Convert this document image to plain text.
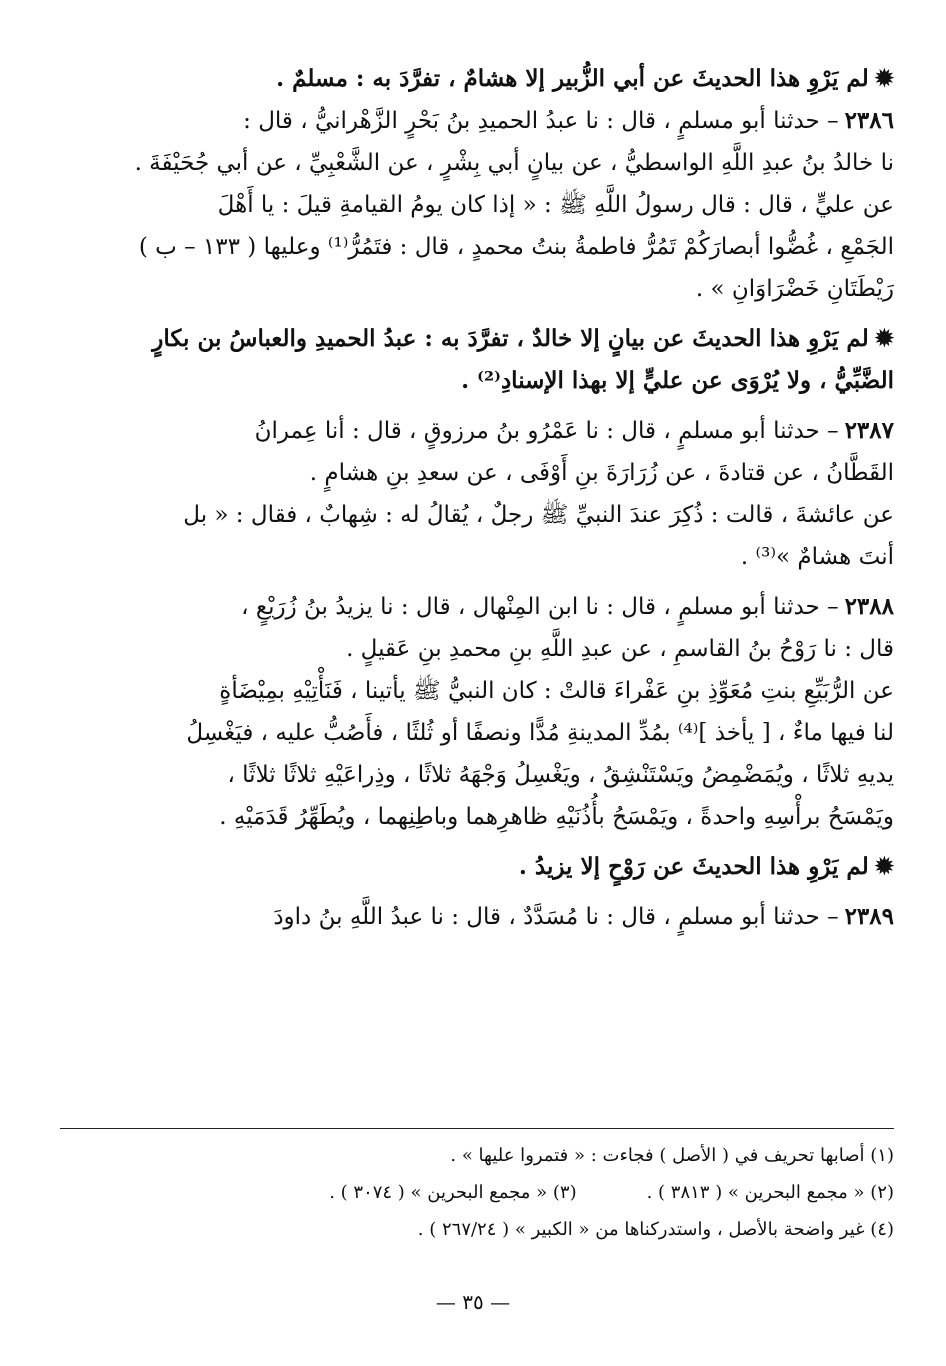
✹لم يَرْوِ هذا الحديثَ عن أبي الزُّبير إلا هشامٌ ، تفرَّدَ به : مسلمٌ .

٢٣٨٦– حدثنا أبو مسلمٍ ، قال : نا عبدُ الحميدِ بنُ بَحْرٍ الزَّهْرانيُّ ، قال :

نا خالدُ بنُ عبدِ اللَّهِ الواسطيُّ ، عن بيانٍ أبي بِشْرٍ ، عن الشَّعْبِيِّ ، عن أبي جُحَيْفَةَ .

عن عليٍّ ، قال : قال رسولُ اللَّهِ ﷺ : « إذا كان يومُ القيامةِ قيلَ : يا أَهْلَ

الجَمْعِ ، غُضُّوا أبصارَكُمْ تَمُرُّ فاطمةُ بنتُ محمدٍ ، قال : فتَمُرُّ⁽¹⁾ وعليها ( ١٣٣ – ب )

رَيْطَتَانِ خَضْرَاوَانِ » .

✹لم يَرْوِ هذا الحديثَ عن بيانٍ إلا خالدٌ ، تفرَّدَ به : عبدُ الحميدِ والعباسُ بن بكارٍ

الضَّبِّيُّ ، ولا يُرْوَى عن عليٍّ إلا بهذا الإسنادِ⁽²⁾ .

٢٣٨٧– حدثنا أبو مسلمٍ ، قال : نا عَمْرُو بنُ مرزوقٍ ، قال : أنا عِمرانُ

القَطَّانُ ، عن قتادةَ ، عن زُرَارَةَ بنِ أَوْفَى ، عن سعدِ بنِ هشامٍ .

عن عائشةَ ، قالت : ذُكِرَ عندَ النبيِّ ﷺ رجلٌ ، يُقالُ له : شِهابٌ ، فقال : « بل

أنتَ هشامٌ »⁽³⁾ .

٢٣٨٨– حدثنا أبو مسلمٍ ، قال : نا ابن المِنْهال ، قال : نا يزيدُ بنُ زُرَيْعٍ ،

قال : نا رَوْحُ بنُ القاسمِ ، عن عبدِ اللَّهِ بنِ محمدِ بنِ عَقيلٍ .

عن الرُّبَيِّعِ بنتِ مُعَوِّذِ بنِ عَفْراءَ قالتْ : كان النبيُّ ﷺ يأتينا ، فَنَأْتِيْهِ بمِيْضَأةٍ

لنا فيها ماءٌ ، [ يأخذ ]⁽⁴⁾ بمُدِّ المدينةِ مُدًّا ونصفًا أو ثُلثًا ، فأَصُبُّ عليه ، فيَغْسِلُ

يديهِ ثلاثًا ، ويُمَضْمِضُ ويَسْتَنْشِقُ ، ويَغْسِلُ وَجْهَهُ ثلاثًا ، وذِراعَيْهِ ثلاثًا ثلاثًا ،

ويَمْسَحُ برأْسِهِ واحدةً ، ويَمْسَحُ بأُذُنَيْهِ ظاهرِهما وباطِنِهما ، ويُطَهِّرُ قَدَمَيْهِ .

✹لم يَرْوِ هذا الحديثَ عن رَوْحٍ إلا يزيدُ .

٢٣٨٩– حدثنا أبو مسلمٍ ، قال : نا مُسَدَّدٌ ، قال : نا عبدُ اللَّهِ بنُ داودَ

(١) أصابها تحريف في ( الأصل ) فجاءت : « فتمروا عليها » .

(٢) « مجمع البحرين » ( ٣٨١٣ ) .
(٣) « مجمع البحرين » ( ٣٠٧٤ ) .

(٤) غير واضحة بالأصل ، واستدركناها من « الكبير » ( ٢٦٧/٢٤ ) .

— ٣٥ —
